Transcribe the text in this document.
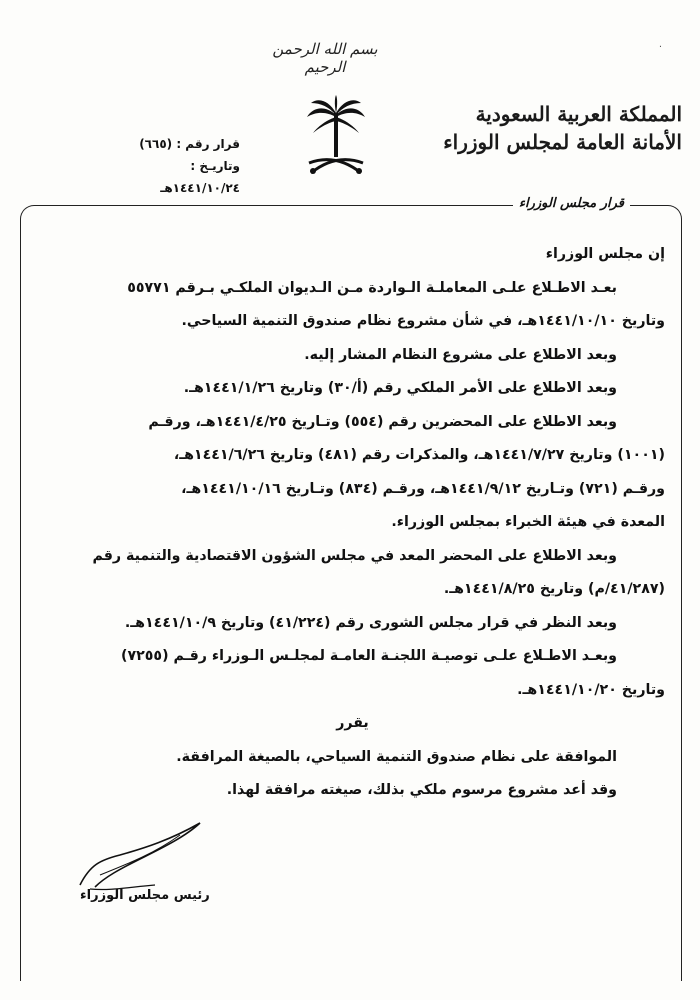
بسم الله الرحمن الرحيم
المملكة العربية السعودية
الأمانة العامة لمجلس الوزراء
قرار رقم : (٦٦٥)
وتاريـخ : ١٤٤١/١٠/٢٤هـ
قرار مجلس الوزراء
·

إن مجلس الوزراء

بعـد الاطـلاع علـى المعاملـة الـواردة مـن الـديوان الملكـي بـرقم ٥٥٧٧١

وتاريخ ١٤٤١/١٠/١٠هـ، في شأن مشروع نظام صندوق التنمية السياحي.

وبعد الاطلاع على مشروع النظام المشار إليه.

وبعد الاطلاع على الأمر الملكي رقم (أ/٣٠) وتاريخ ١٤٤١/١/٢٦هـ.

وبعد الاطلاع على المحضرين رقم (٥٥٤) وتـاريخ ١٤٤١/٤/٢٥هـ، ورقـم

(١٠٠١) وتاريخ ١٤٤١/٧/٢٧هـ، والمذكرات رقم (٤٨١) وتاريخ ١٤٤١/٦/٢٦هـ،

ورقـم (٧٢١) وتـاريخ ١٤٤١/٩/١٢هـ، ورقـم (٨٣٤) وتـاريخ ١٤٤١/١٠/١٦هـ،

المعدة في هيئة الخبراء بمجلس الوزراء.

وبعد الاطلاع على المحضر المعد في مجلس الشؤون الاقتصادية والتنمية رقم

(٤١/٢٨٧/م) وتاريخ ١٤٤١/٨/٢٥هـ.

وبعد النظر في قرار مجلس الشورى رقم (٤١/٢٢٤) وتاريخ ١٤٤١/١٠/٩هـ.

وبعـد الاطـلاع علـى توصيـة اللجنـة العامـة لمجلـس الـوزراء رقـم (٧٢٥٥)

وتاريخ ١٤٤١/١٠/٢٠هـ.

يقرر

الموافقة على نظام صندوق التنمية السياحي، بالصيغة المرافقة.

وقد أعد مشروع مرسوم ملكي بذلك، صيغته مرافقة لهذا.

رئيس مجلس الوزراء
